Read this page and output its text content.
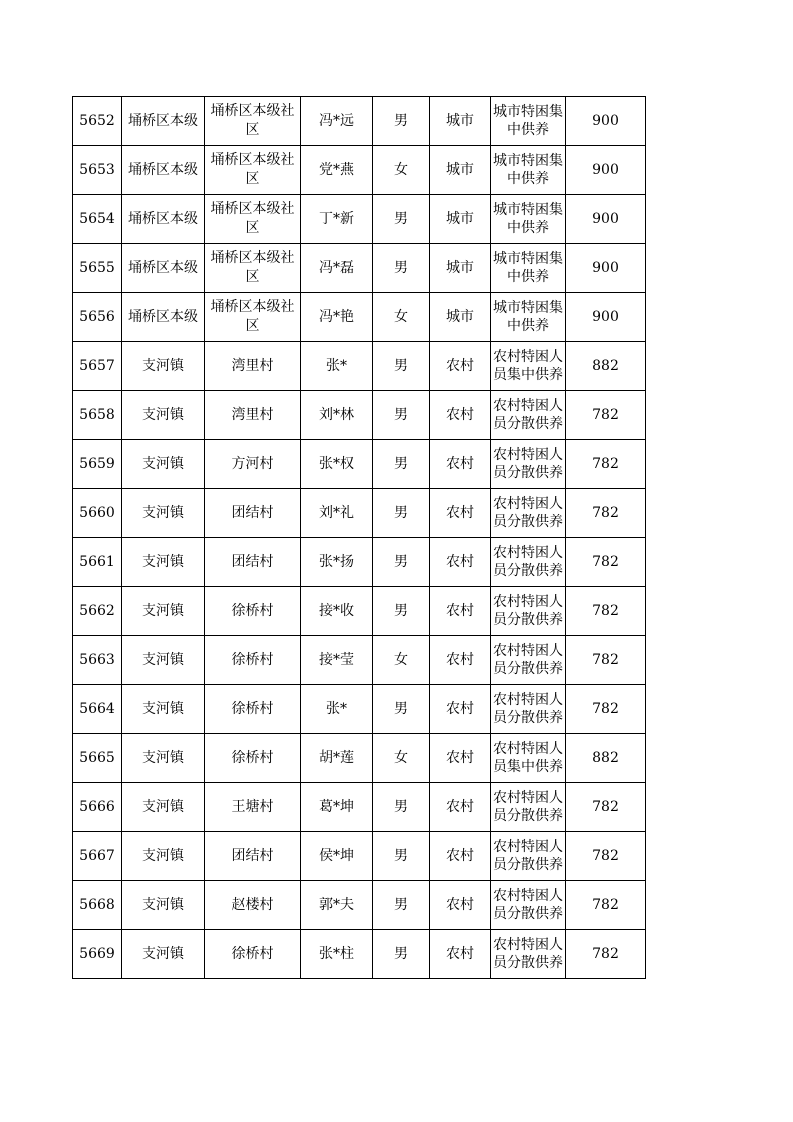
5652	埇桥区本级	埇桥区本级社区	冯*远	男	城市	城市特困集中供养	900

5653	埇桥区本级	埇桥区本级社区	党*燕	女	城市	城市特困集中供养	900

5654	埇桥区本级	埇桥区本级社区	丁*新	男	城市	城市特困集中供养	900

5655	埇桥区本级	埇桥区本级社区	冯*磊	男	城市	城市特困集中供养	900

5656	埇桥区本级	埇桥区本级社区	冯*艳	女	城市	城市特困集中供养	900

5657	支河镇	湾里村	张*	男	农村	农村特困人员集中供养	882

5658	支河镇	湾里村	刘*林	男	农村	农村特困人员分散供养	782

5659	支河镇	方河村	张*权	男	农村	农村特困人员分散供养	782

5660	支河镇	团结村	刘*礼	男	农村	农村特困人员分散供养	782

5661	支河镇	团结村	张*扬	男	农村	农村特困人员分散供养	782

5662	支河镇	徐桥村	接*收	男	农村	农村特困人员分散供养	782

5663	支河镇	徐桥村	接*莹	女	农村	农村特困人员分散供养	782

5664	支河镇	徐桥村	张*	男	农村	农村特困人员分散供养	782

5665	支河镇	徐桥村	胡*莲	女	农村	农村特困人员集中供养	882

5666	支河镇	王塘村	葛*坤	男	农村	农村特困人员分散供养	782

5667	支河镇	团结村	侯*坤	男	农村	农村特困人员分散供养	782

5668	支河镇	赵楼村	郭*夫	男	农村	农村特困人员分散供养	782

5669	支河镇	徐桥村	张*柱	男	农村	农村特困人员分散供养	782
